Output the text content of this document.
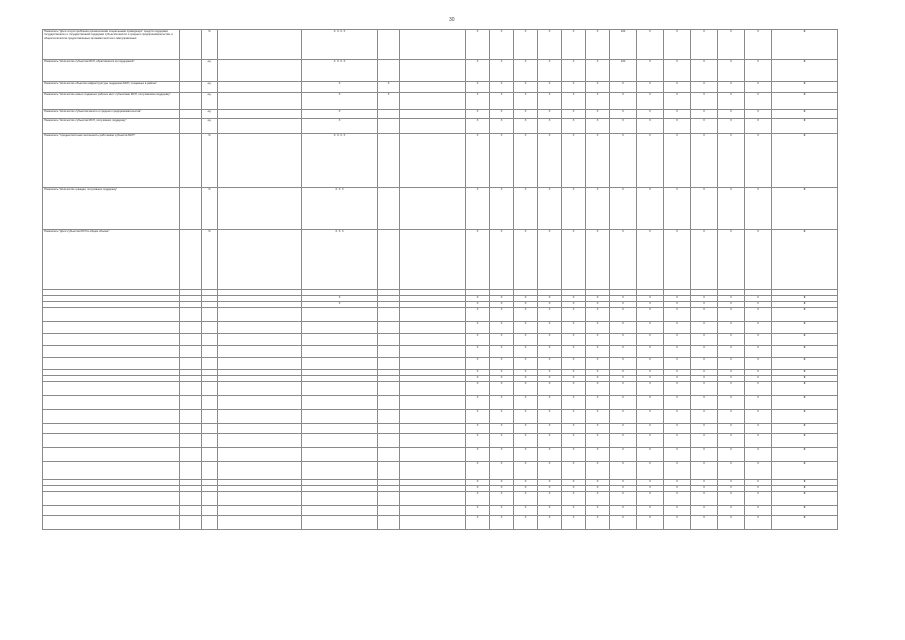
30
Показатель "Доля злоупотребления органическими социальными приводящих" средств поддержки государственного и государственной поддержки субъектов малого и среднего предпринимательства, в общем количестве предоставленных органами местного самоуправления		%		Х. Х. Х. Х			Х	Х	Х	Х	Х	Х	100	Х	Х	Х	Х	Х	Х
Показатель "Количество субъектов МСП, обратившихся за поддержкой"		ед.		Х. Х. Х. Х			Х	Х	Х	Х	Х	Х	100	Х	Х	Х	Х	Х	Х
Показатель "Количество объектов инфраструктуры поддержки МСП, созданных в районе"		ед.		Х	Х		Х	Х	Х	Х	Х	Х	Х	Х	Х	Х	Х	Х	Х
Показатель "Количество новых созданных рабочих мест субъектами МСП, получившими поддержку"		ед.		Х	Х		Х	Х	Х	Х	Х	Х	Х	Х	Х	Х	Х	Х	Х
Показатель "Количество субъектов малого и среднего предпринимательства"		ед.		Х			Х	Х	Х	Х	Х	Х	Х	Х	Х	Х	Х	Х	Х
Показатель "Количество субъектов МСП, получивших поддержку"		ед.		Х			Х	Х	Х	Х	Х	Х	Х	Х	Х	Х	Х	Х	Х
Показатель "Среднесписочная численность работников субъектов МСП"		%		Х. Х. Х. Х			Х	Х	Х	Х	Х	Х	Х	Х	Х	Х	Х	Х	Х
Показатель "Количество граждан, получивших поддержку"		%		Х. Х. Х			Х	Х	Х	Х	Х	Х	Х	Х	Х	Х	Х	Х	Х
Показатель "Доля субъектов МСП в общем объеме"		%		Х. Х. Х			Х	Х	Х	Х	Х	Х	Х	Х	Х	Х	Х	Х	Х

				Х			Х	Х	Х	Х	Х	Х	Х	Х	Х	Х	Х	Х	Х
				Х			Х	Х	Х	Х	Х	Х	Х	Х	Х	Х	Х	Х	Х
							Х	Х	Х	Х	Х	Х	Х	Х	Х	Х	Х	Х	Х
							Х	Х	Х	Х	Х	Х	Х	Х	Х	Х	Х	Х	Х
							Х	Х	Х	Х	Х	Х	Х	Х	Х	Х	Х	Х	Х
							Х	Х	Х	Х	Х	Х	Х	Х	Х	Х	Х	Х	Х
							Х	Х	Х	Х	Х	Х	Х	Х	Х	Х	Х	Х	Х
							Х	Х	Х	Х	Х	Х	Х	Х	Х	Х	Х	Х	Х
							Х	Х	Х	Х	Х	Х	Х	Х	Х	Х	Х	Х	Х
							Х	Х	Х	Х	Х	Х	Х	Х	Х	Х	Х	Х	Х
							Х	Х	Х	Х	Х	Х	Х	Х	Х	Х	Х	Х	Х
							Х	Х	Х	Х	Х	Х	Х	Х	Х	Х	Х	Х	Х
							Х	Х	Х	Х	Х	Х	Х	Х	Х	Х	Х	Х	Х
							Х	Х	Х	Х	Х	Х	Х	Х	Х	Х	Х	Х	Х
							Х	Х	Х	Х	Х	Х	Х	Х	Х	Х	Х	Х	Х
							Х	Х	Х	Х	Х	Х	Х	Х	Х	Х	Х	Х	Х
							Х	Х	Х	Х	Х	Х	Х	Х	Х	Х	Х	Х	Х
							Х	Х	Х	Х	Х	Х	Х	Х	Х	Х	Х	Х	Х
							Х	Х	Х	Х	Х	Х	Х	Х	Х	Х	Х	Х	Х
							Х	Х	Х	Х	Х	Х	Х	Х	Х	Х	Х	Х	Х
							Х	Х	Х	Х	Х	Х	Х	Х	Х	Х	Х	Х	Х
